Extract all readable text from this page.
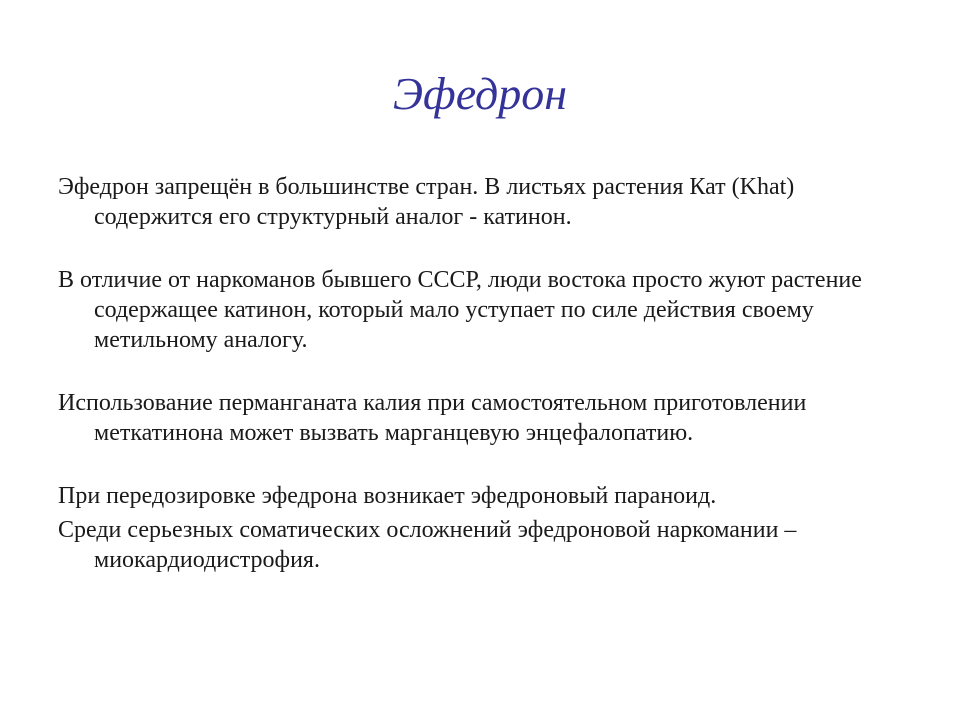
Эфедрон

Эфедрон запрещён в большинстве стран. В листьях растения Кат (Khat) содержится его структурный аналог - катинон.

В отличие от наркоманов бывшего СССР, люди востока просто жуют растение содержащее катинон, который мало уступает по силе действия своему метильному аналогу.

Использование перманганата калия при самостоятельном приготовлении меткатинона может вызвать марганцевую энцефалопатию.

При передозировке эфедрона возникает эфедроновый параноид.

Среди серьезных соматических осложнений эфедроновой наркомании – миокардиодистрофия.
